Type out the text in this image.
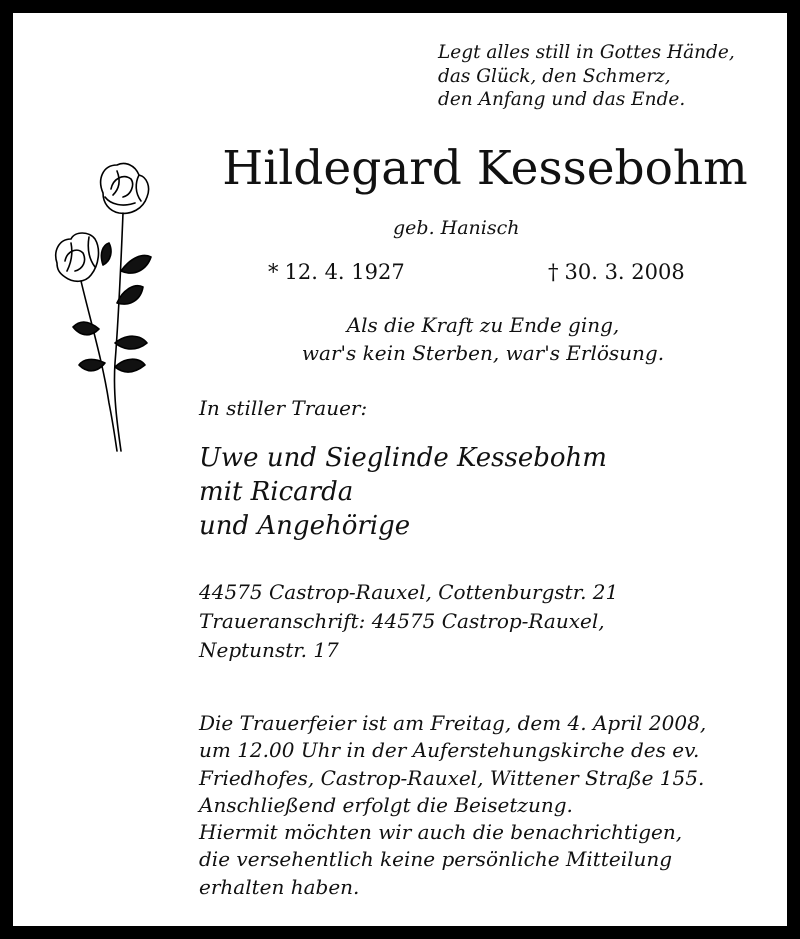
Legt alles still in Gottes Hände,
das Glück, den Schmerz,
den Anfang und das Ende.
Hildegard Kessebohm
geb. Hanisch
* 12. 4. 1927	† 30. 3. 2008
Als die Kraft zu Ende ging,
war's kein Sterben, war's Erlösung.
In stiller Trauer:
Uwe und Sieglinde Kessebohm
mit Ricarda
und Angehörige
44575 Castrop-Rauxel, Cottenburgstr. 21
Traueranschrift: 44575 Castrop-Rauxel,
Neptunstr. 17
Die Trauerfeier ist am Freitag, dem 4. April 2008,
um 12.00 Uhr in der Auferstehungskirche des ev.
Friedhofes, Castrop-Rauxel, Wittener Straße 155.
Anschließend erfolgt die Beisetzung.
Hiermit möchten wir auch die benachrichtigen,
die versehentlich keine persönliche Mitteilung
erhalten haben.
